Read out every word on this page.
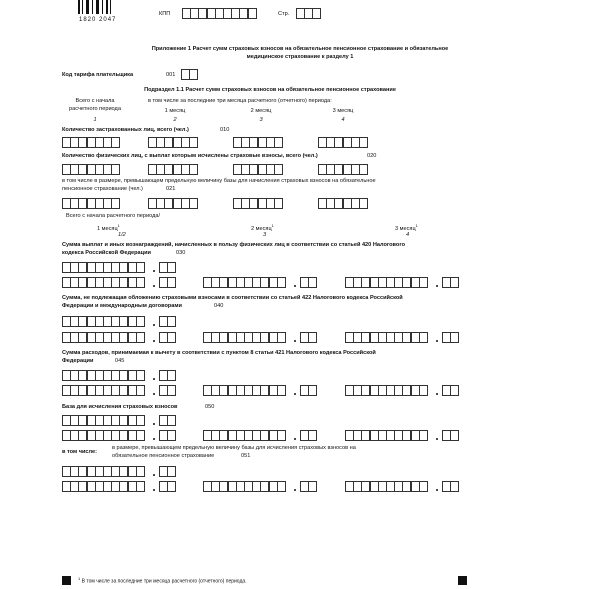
1820 2047
КПП	Стр.
Приложение 1 Расчет сумм страховых взносов на обязательное пенсионное страхование и обязательное
медицинское страхование к разделу 1
Код тарифа плательщика	001
Подраздел 1.1 Расчет сумм страховых взносов на обязательное пенсионное страхование
Всего с начала
расчетного периода
в том числе за последние три месяца расчетного (отчетного) периода:
1 месяц	2 месяц	3 месяц
1	2	3	4
Количество застрахованных лиц, всего (чел.)	010
Количество физических лиц, с выплат которым исчислены страховые взносы, всего (чел.)	020
в том числе в размере, превышающем предельную величину базы для начисления страховых взносов на обязательное
пенсионное страхование (чел.)	021
Всего с начала расчетного периода/
1 месяц$^1$
2 месяц$^1$
3 месяц$^1$
1/2	3	4
Сумма выплат и иных вознаграждений, начисленных в пользу физических лиц в соответствии со статьей 420 Налогового
кодекса Российской Федерации	030
Сумма, не подлежащая обложению страховыми взносами в соответствии со статьей 422 Налогового кодекса Российской
Федерации и международным договорами	040
Сумма расходов, принимаемая к вычету в соответствии с пунктом 8 статьи 421 Налогового кодекса Российской
Федерации	045
База для исчисления страховых взносов	050
в том числе:
в размере, превышающем предельную величину базы для исчисления страховых взносов на
обязательное пенсионное страхование	051
$^1$ В том числе за последние три месяца расчетного (отчетного) периода.
